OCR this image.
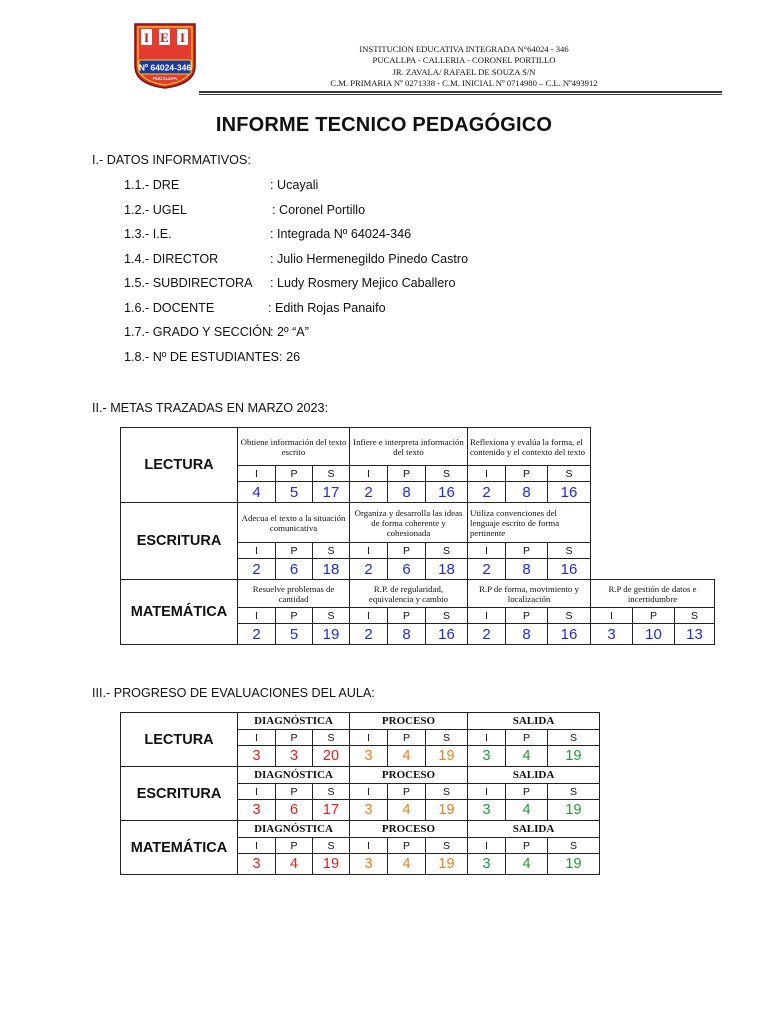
I E I
Nº 64024-346
PUCALLPA
INSTITUCION EDUCATIVA INTEGRADA N°64024 - 346
PUCALLPA - CALLERIA - CORONEL PORTILLO
JR. ZAVALA/ RAFAEL DE SOUZA S/N
C.M. PRIMARIA Nº 0271338 - C.M. INICIAL Nº 0714980 – C.L. Nº493912
INFORME TECNICO PEDAGÓGICO
I.- DATOS INFORMATIVOS:
1.1.- DRE	: Ucayali
1.2.- UGEL	: Coronel Portillo
1.3.- I.E.	: Integrada Nº 64024-346
1.4.- DIRECTOR	: Julio Hermenegildo Pinedo Castro
1.5.- SUBDIRECTORA : Ludy Rosmery Mejico Caballero
1.6.- DOCENTE	: Edith Rojas Panaifo
1.7.- GRADO Y SECCIÓN
: 2º “A”
1.8.- Nº DE ESTUDIANTES: 26
II.- METAS TRAZADAS EN MARZO 2023:
LECTURA	Obtiene información del texto escrito			Infiere e interpreta información del texto			Reflexiona y evalúa la forma, el contenido y el contexto del texto					
	I	P	S	I	P	S	I	P	S			
	4	5	17	2	8	16	2	8	16			
ESCRITURA	Adecua el texto a la situación comunicativa			Organiza y desarrolla las ideas de forma coherente y cohesionada			Utiliza convenciones del lenguaje escrito de forma pertinente					
	I	P	S	I	P	S	I	P	S			
	2	6	18	2	6	18	2	8	16			
MATEMÁTICA	Resuelve problemas de cantidad			R.P. de regularidad, equivalencia y cambio			R.P de forma, movimiento y localización			R.P de gestión de datos e incertidumbre		
	I	P	S	I	P	S	I	P	S	I	P	S
	2	5	19	2	8	16	2	8	16	3	10	13
III.- PROGRESO DE EVALUACIONES DEL AULA:
LECTURA	DIAGNÓSTICA			PROCESO			SALIDA		
	I	P	S	I	P	S	I	P	S
	3	3	20	3	4	19	3	4	19
ESCRITURA	DIAGNÓSTICA			PROCESO			SALIDA		
	I	P	S	I	P	S	I	P	S
	3	6	17	3	4	19	3	4	19
MATEMÁTICA	DIAGNÓSTICA			PROCESO			SALIDA		
	I	P	S	I	P	S	I	P	S
	3	4	19	3	4	19	3	4	19
